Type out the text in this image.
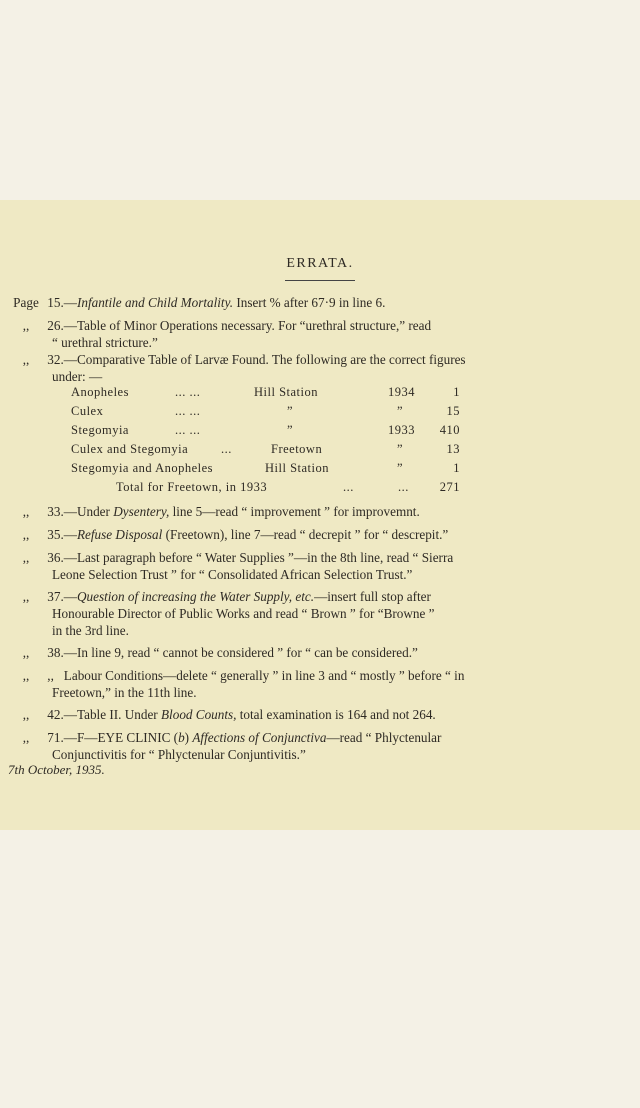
ERRATA.
Page 15.—Infantile and Child Mortality. Insert % after 67·9 in line 6.
,, 26.—Table of Minor Operations necessary. For “urethral structure,” read
“ urethral stricture.”
,, 32.—Comparative Table of Larvæ Found. The following are the correct figures
under: —
Anopheles	... ...	Hill Station	1934	1
Culex	... ...	”	”	15
Stegomyia	... ...	”	1933	410
Culex and Stegomyia	...	Freetown	”	13
Stegomyia and Anopheles	Hill Station	”	1
Total for Freetown, in 1933	...	...	271
,, 33.—Under Dysentery, line 5—read “ improvement ” for improvemnt.
,, 35.—Refuse Disposal (Freetown), line 7—read “ decrepit ” for “ descrepit.”
,, 36.—Last paragraph before “ Water Supplies ”—in the 8th line, read “ Sierra
Leone Selection Trust ” for “ Consolidated African Selection Trust.”
,, 37.—Question of increasing the Water Supply, etc.—insert full stop after
Honourable Director of Public Works and read “ Brown ” for “Browne ”
in the 3rd line.
,, 38.—In line 9, read “ cannot be considered ” for “ can be considered.”
,, ,, Labour Conditions—delete “ generally ” in line 3 and “ mostly ” before “ in
Freetown,” in the 11th line.
,, 42.—Table II. Under Blood Counts, total examination is 164 and not 264.
,, 71.—F—EYE CLINIC (b) Affections of Conjunctiva—read “ Phlyctenular
Conjunctivitis for “ Phlyctenular Conjuntivitis.”
7th October, 1935.
